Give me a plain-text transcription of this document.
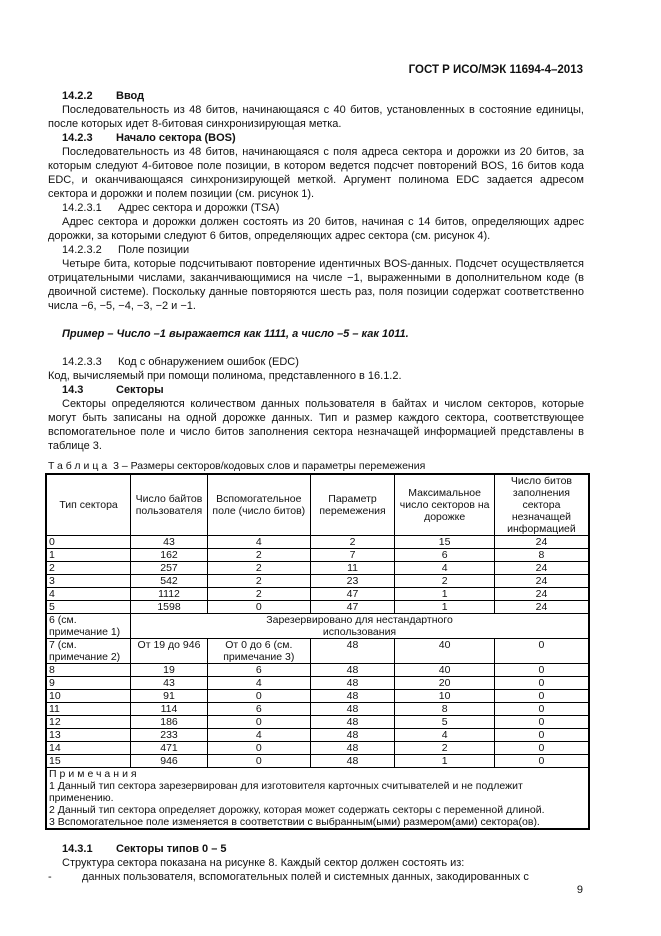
ГОСТ Р ИСО/МЭК 11694-4–2013

14.2.2 Ввод

Последовательность из 48 битов, начинающаяся с 40 битов, установленных в состояние единицы, после которых идет 8-битовая синхронизирующая метка.

14.2.3 Начало сектора (BOS)

Последовательность из 48 битов, начинающаяся с поля адреса сектора и дорожки из 20 битов, за которым следуют 4-битовое поле позиции, в котором ведется подсчет повторений BOS, 16 битов кода EDC, и оканчивающаяся синхронизирующей меткой. Аргумент полинома EDC задается адресом сектора и дорожки и полем позиции (см. рисунок 1).

14.2.3.1 Адрес сектора и дорожки (TSA)

Адрес сектора и дорожки должен состоять из 20 битов, начиная с 14 битов, определяющих адрес дорожки, за которыми следуют 6 битов, определяющих адрес сектора (см. рисунок 4).

14.2.3.2 Поле позиции

Четыре бита, которые подсчитывают повторение идентичных BOS-данных. Подсчет осуществляется отрицательными числами, заканчивающимися на числе −1, выраженными в дополнительном коде (в двоичной системе). Поскольку данные повторяются шесть раз, поля позиции содержат соответственно числа −6, −5, −4, −3, −2 и −1.

Пример – Число –1 выражается как 1111, а число –5 – как 1011.

14.2.3.3 Код с обнаружением ошибок (EDC)

Код, вычисляемый при помощи полинома, представленного в 16.1.2.

14.3	Секторы

Секторы определяются количеством данных пользователя в байтах и числом секторов, которые могут быть записаны на одной дорожке данных. Тип и размер каждого сектора, соответствующее вспомогательное поле и число битов заполнения сектора незначащей информацией представлены в таблице 3.

Таблица 3 – Размеры секторов/кодовых слов и параметры перемежения
Тип сектора	Число байтов пользователя	Вспомогательное поле (число битов)	Параметр перемежения	Максимальное число секторов на дорожке	Число битов заполнения сектора незначащей информацией
0	43	4	2	15	24
1	162	2	7	6	8
2	257	2	11	4	24
3	542	2	23	2	24
4	1112	2	47	1	24
5	1598	0	47	1	24
6 (см. примечание 1)	Зарезервировано для нестандартного использования				
7 (см. примечание 2)	От 19 до 946	От 0 до 6 (см. примечание 3)	48	40	0
8	19	6	48	40	0
9	43	4	48	20	0
10	91	0	48	10	0
11	114	6	48	8	0
12	186	0	48	5	0
13	233	4	48	4	0
14	471	0	48	2	0
15	946	0	48	1	0

Примечания
1 Данный тип сектора зарезервирован для изготовителя карточных считывателей и не подлежит применению.
2 Данный тип сектора определяет дорожку, которая может содержать секторы с переменной длиной.
3 Вспомогательное поле изменяется в соответствии с выбранным(ыми) размером(ами) сектора(ов).					

14.3.1 Секторы типов 0 – 5

Структура сектора показана на рисунке 8. Каждый сектор должен состоять из:

-	данных пользователя, вспомогательных полей и системных данных, закодированных с

9
